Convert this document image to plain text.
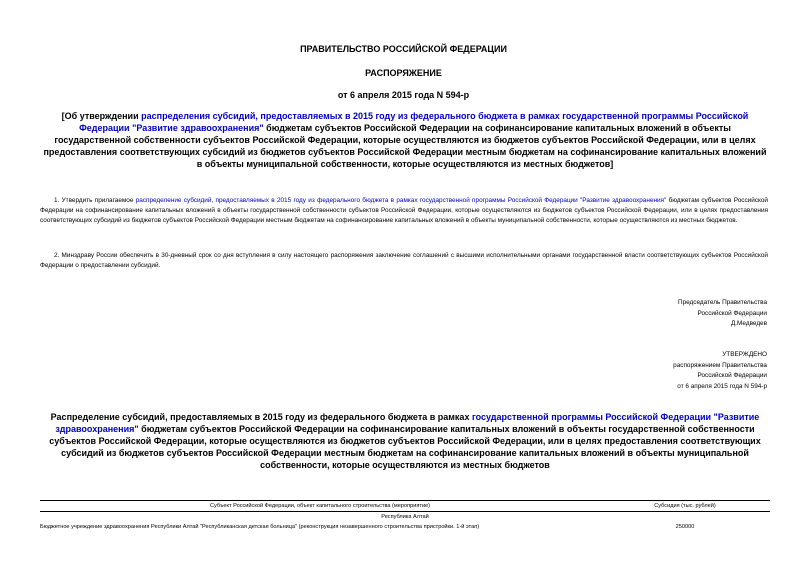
ПРАВИТЕЛЬСТВО РОССИЙСКОЙ ФЕДЕРАЦИИ
РАСПОРЯЖЕНИЕ
от 6 апреля 2015 года N 594-р
[Об утверждении распределения субсидий, предоставляемых в 2015 году из федерального бюджета в рамках государственной программы Российской Федерации "Развитие здравоохранения" бюджетам субъектов Российской Федерации на софинансирование капитальных вложений в объекты государственной собственности субъектов Российской Федерации, которые осуществляются из бюджетов субъектов Российской Федерации, или в целях предоставления соответствующих субсидий из бюджетов субъектов Российской Федерации местным бюджетам на софинансирование капитальных вложений в объекты муниципальной собственности, которые осуществляются из местных бюджетов]
1. Утвердить прилагаемое распределение субсидий, предоставляемых в 2015 году из федерального бюджета в рамках государственной программы Российской Федерации "Развитие здравоохранения" бюджетам субъектов Российской Федерации на софинансирование капитальных вложений в объекты государственной собственности субъектов Российской Федерации, которые осуществляются из бюджетов субъектов Российской Федерации, или в целях предоставления соответствующих субсидий из бюджетов субъектов Российской Федерации местным бюджетам на софинансирование капитальных вложений в объекты муниципальной собственности, которые осуществляются из местных бюджетов.
2. Минздраву России обеспечить в 30-дневный срок со дня вступления в силу настоящего распоряжения заключение соглашений с высшими исполнительными органами государственной власти соответствующих субъектов Российской Федерации о предоставлении субсидий.
Председатель Правительства
Российской Федерации
Д.Медведев
УТВЕРЖДЕНО
распоряжением Правительства
Российской Федерации
от 6 апреля 2015 года N 594-р
Распределение субсидий, предоставляемых в 2015 году из федерального бюджета в рамках государственной программы Российской Федерации "Развитие здравоохранения" бюджетам субъектов Российской Федерации на софинансирование капитальных вложений в объекты государственной собственности субъектов Российской Федерации, которые осуществляются из бюджетов субъектов Российской Федерации, или в целях предоставления соответствующих субсидий из бюджетов субъектов Российской Федерации местным бюджетам на софинансирование капитальных вложений в объекты муниципальной собственности, которые осуществляются из местных бюджетов
Субъект Российской Федерации, объект капитального строительства (мероприятие)	Субсидия (тыс. рублей)
Республика Алтай
Бюджетное учреждение здравоохранения Республики Алтай "Республиканская детская больница" (реконструкция незавершенного строительства пристройки. 1-й этап)	250000
